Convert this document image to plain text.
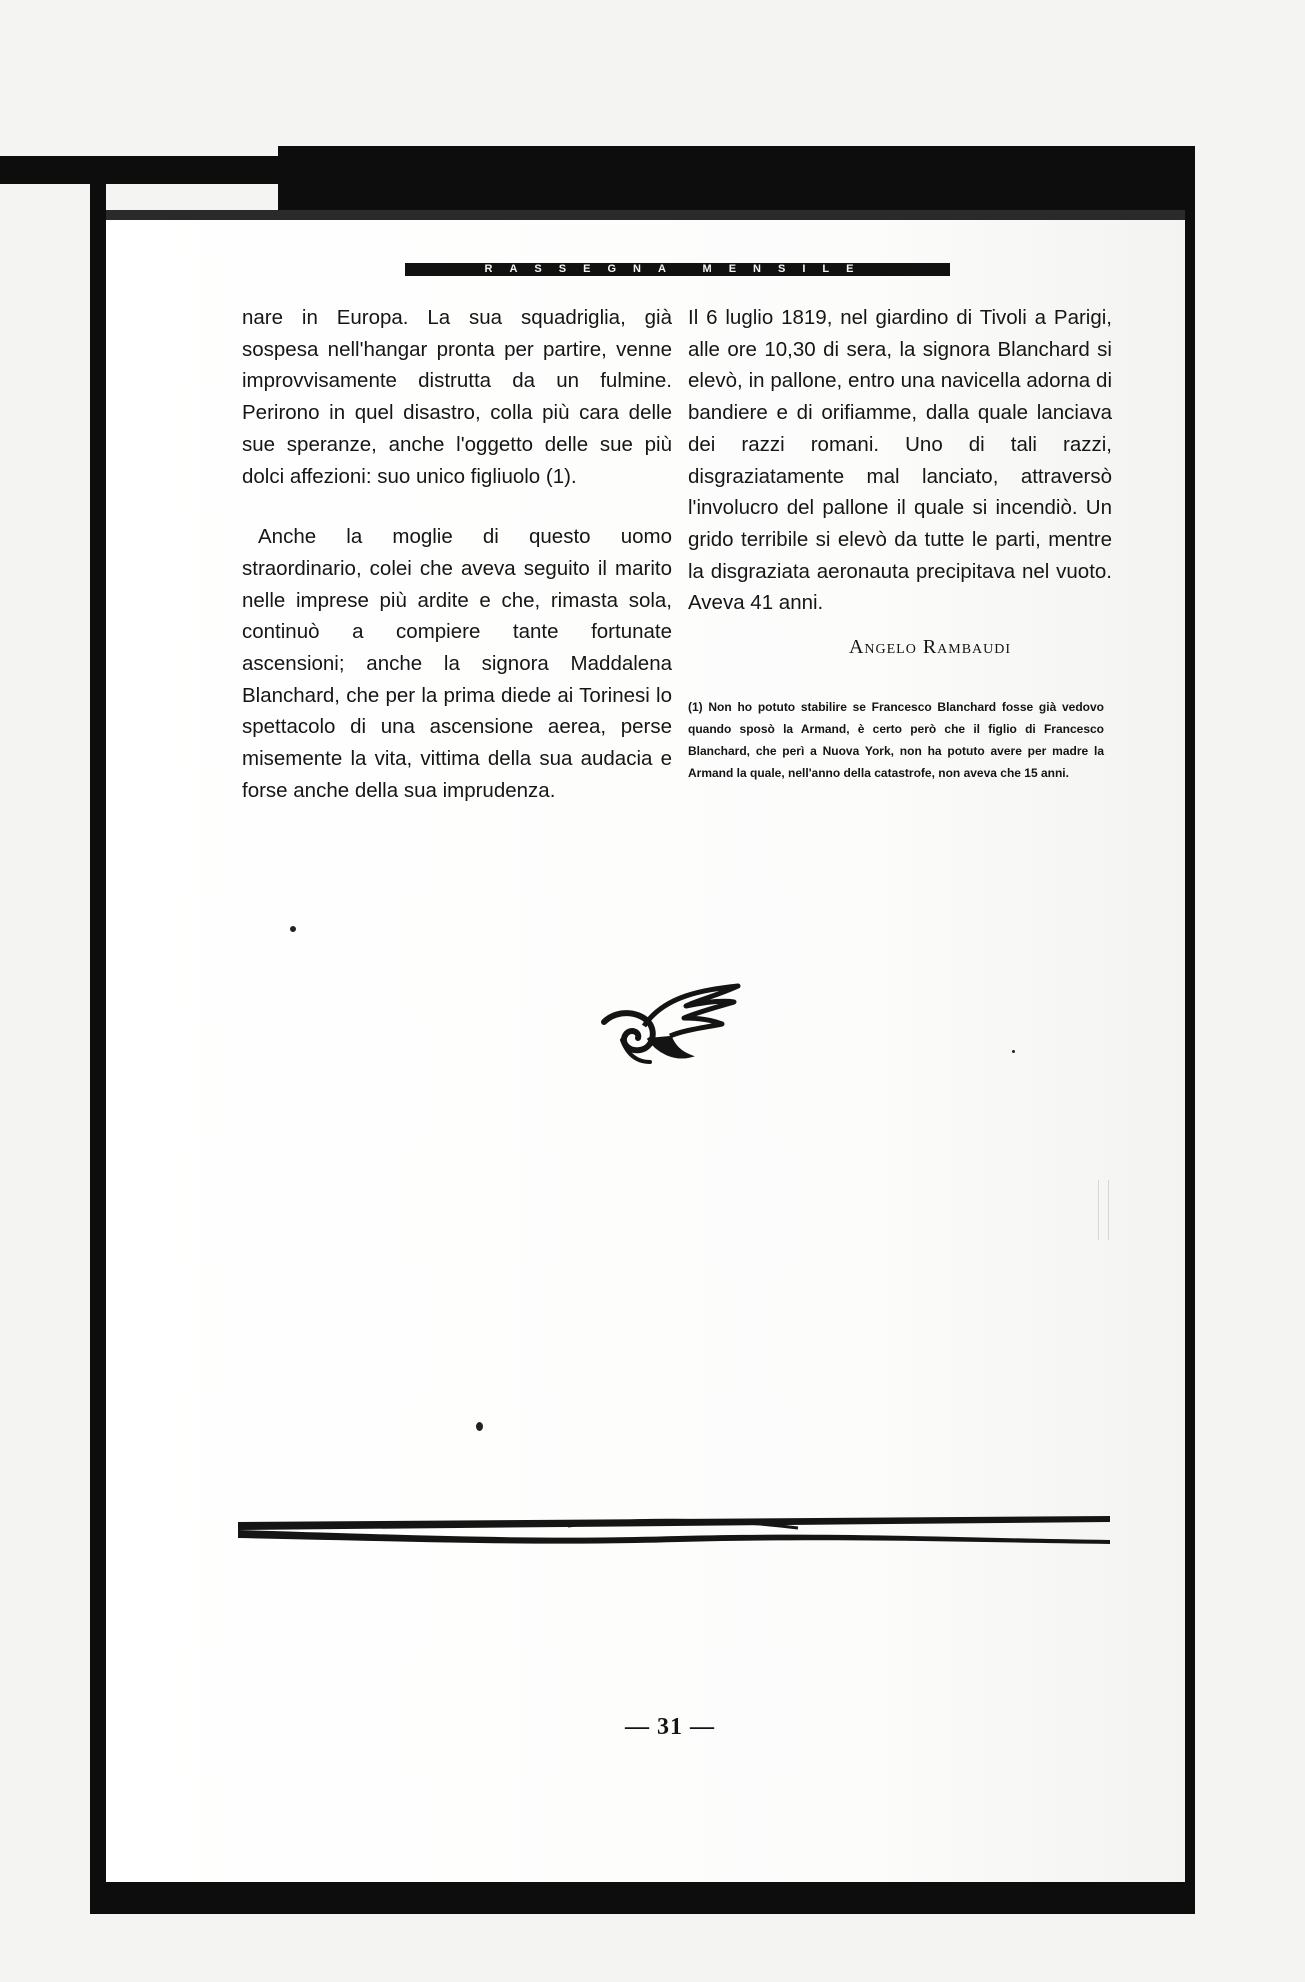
RASSEGNA MENSILE

nare in Europa. La sua squadriglia, già sospesa nell'hangar pronta per partire, venne improvvisamente distrutta da un fulmine. Perirono in quel disastro, colla più cara delle sue speranze, anche l'oggetto delle sue più dolci affezioni: suo unico figliuolo (1).

Anche la moglie di questo uomo straordinario, colei che aveva seguito il marito nelle imprese più ardite e che, rimasta sola, continuò a compiere tante fortunate ascensioni; anche la signora Maddalena Blanchard, che per la prima diede ai Torinesi lo spettacolo di una ascensione aerea, perse misemente la vita, vittima della sua audacia e forse anche della sua imprudenza.

Il 6 luglio 1819, nel giardino di Tivoli a Parigi, alle ore 10,30 di sera, la signora Blanchard si elevò, in pallone, entro una navicella adorna di bandiere e di orifiamme, dalla quale lanciava dei razzi romani. Uno di tali razzi, disgraziatamente mal lanciato, attraversò l'involucro del pallone il quale si incendiò. Un grido terribile si elevò da tutte le parti, mentre la disgraziata aeronauta precipitava nel vuoto. Aveva 41 anni.

Angelo Rambaudi
(1) Non ho potuto stabilire se Francesco Blanchard fosse già vedovo quando sposò la Armand, è certo però che il figlio di Francesco Blanchard, che perì a Nuova York, non ha potuto avere per madre la Armand la quale, nell'anno della catastrofe, non aveva che 15 anni.
— 31 —
